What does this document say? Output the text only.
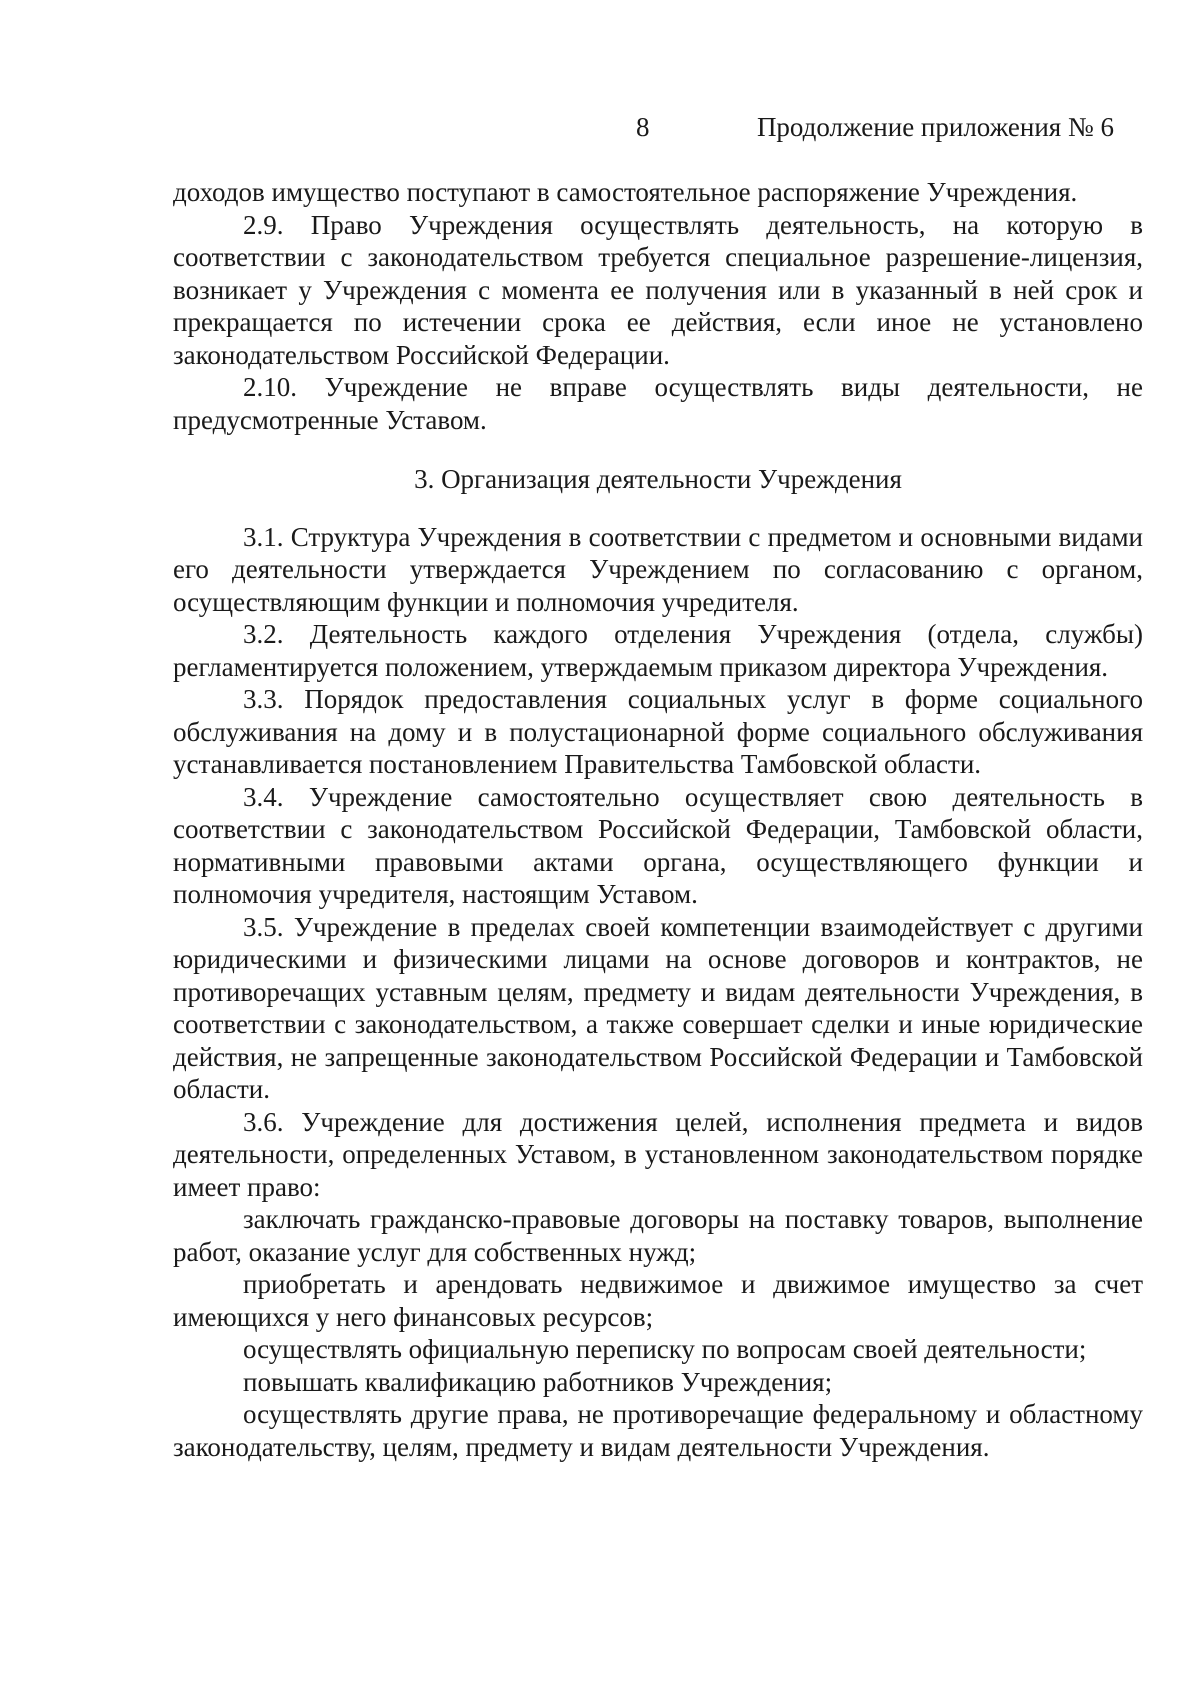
8	Продолжение приложения № 6

доходов имущество поступают в самостоятельное распоряжение Учреждения.

2.9. Право Учреждения осуществлять деятельность, на которую в соответствии с законодательством требуется специальное разрешение-лицензия, возникает у Учреждения с момента ее получения или в указанный в ней срок и прекращается по истечении срока ее действия, если иное не установлено законодательством Российской Федерации.

2.10. Учреждение не вправе осуществлять виды деятельности, не предусмотренные Уставом.

3. Организация деятельности Учреждения

3.1. Структура Учреждения в соответствии с предметом и основными видами его деятельности утверждается Учреждением по согласованию с органом, осуществляющим функции и полномочия учредителя.

3.2. Деятельность каждого отделения Учреждения (отдела, службы) регламентируется положением, утверждаемым приказом директора Учреждения.

3.3. Порядок предоставления социальных услуг в форме социального обслуживания на дому и в полустационарной форме социального обслуживания устанавливается постановлением Правительства Тамбовской области.

3.4. Учреждение самостоятельно осуществляет свою деятельность в соответствии с законодательством Российской Федерации, Тамбовской области, нормативными правовыми актами органа, осуществляющего функции и полномочия учредителя, настоящим Уставом.

3.5. Учреждение в пределах своей компетенции взаимодействует с другими юридическими и физическими лицами на основе договоров и контрактов, не противоречащих уставным целям, предмету и видам деятельности Учреждения, в соответствии с законодательством, а также совершает сделки и иные юридические действия, не запрещенные законодательством Российской Федерации и Тамбовской области.

3.6. Учреждение для достижения целей, исполнения предмета и видов деятельности, определенных Уставом, в установленном законодательством порядке имеет право:

заключать гражданско-правовые договоры на поставку товаров, выполнение работ, оказание услуг для собственных нужд;

приобретать и арендовать недвижимое и движимое имущество за счет имеющихся у него финансовых ресурсов;

осуществлять официальную переписку по вопросам своей деятельности;

повышать квалификацию работников Учреждения;

осуществлять другие права, не противоречащие федеральному и областному законодательству, целям, предмету и видам деятельности Учреждения.
